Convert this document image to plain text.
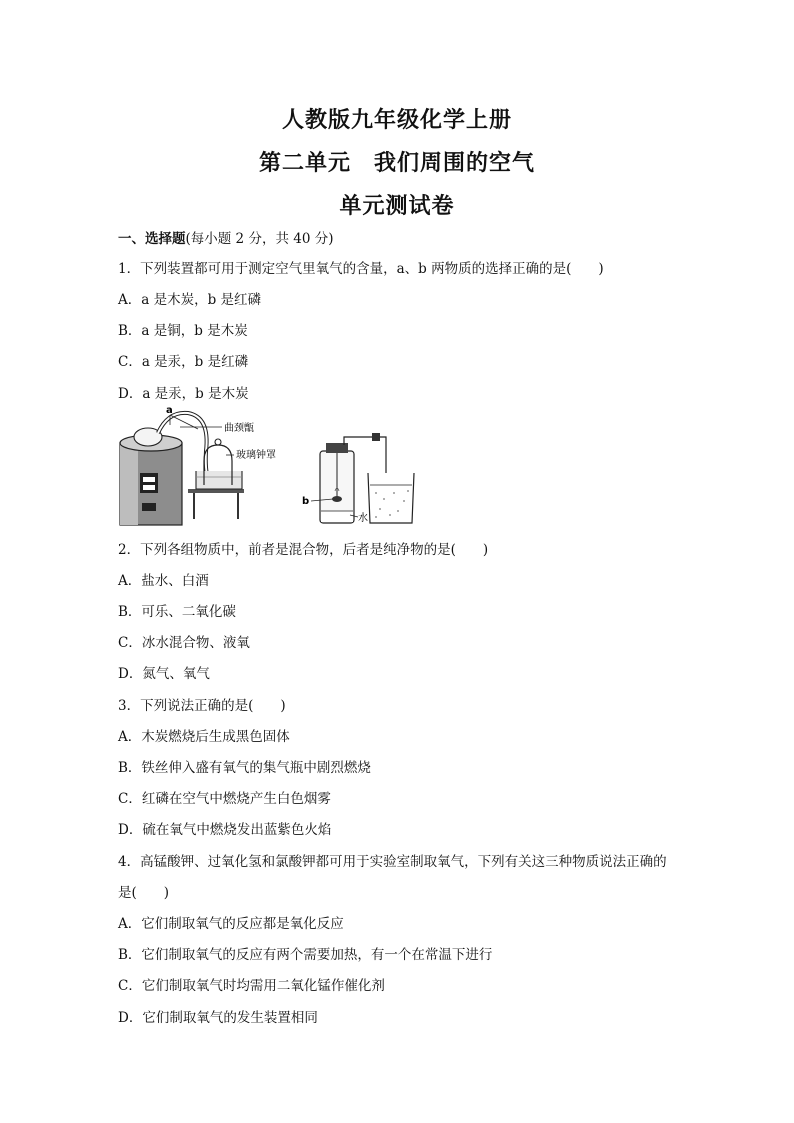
人教版九年级化学上册
第二单元　我们周围的空气
单元测试卷
一、选择题(每小题 2 分，共 40 分)
1．下列装置都可用于测定空气里氧气的含量，a、b 两物质的选择正确的是(　　)
A．a 是木炭，b 是红磷
B．a 是铜，b 是木炭
C．a 是汞，b 是红磷
D．a 是汞，b 是木炭
a
曲颈甑
玻璃钟罩
b
水
2．下列各组物质中，前者是混合物，后者是纯净物的是(　　)
A．盐水、白酒
B．可乐、二氧化碳
C．冰水混合物、液氧
D．氮气、氧气
3．下列说法正确的是(　　)
A．木炭燃烧后生成黑色固体
B．铁丝伸入盛有氧气的集气瓶中剧烈燃烧
C．红磷在空气中燃烧产生白色烟雾
D．硫在氧气中燃烧发出蓝紫色火焰
4．高锰酸钾、过氧化氢和氯酸钾都可用于实验室制取氧气，下列有关这三种物质说法正确的
是(　　)
A．它们制取氧气的反应都是氧化反应
B．它们制取氧气的反应有两个需要加热，有一个在常温下进行
C．它们制取氧气时均需用二氧化锰作催化剂
D．它们制取氧气的发生装置相同
